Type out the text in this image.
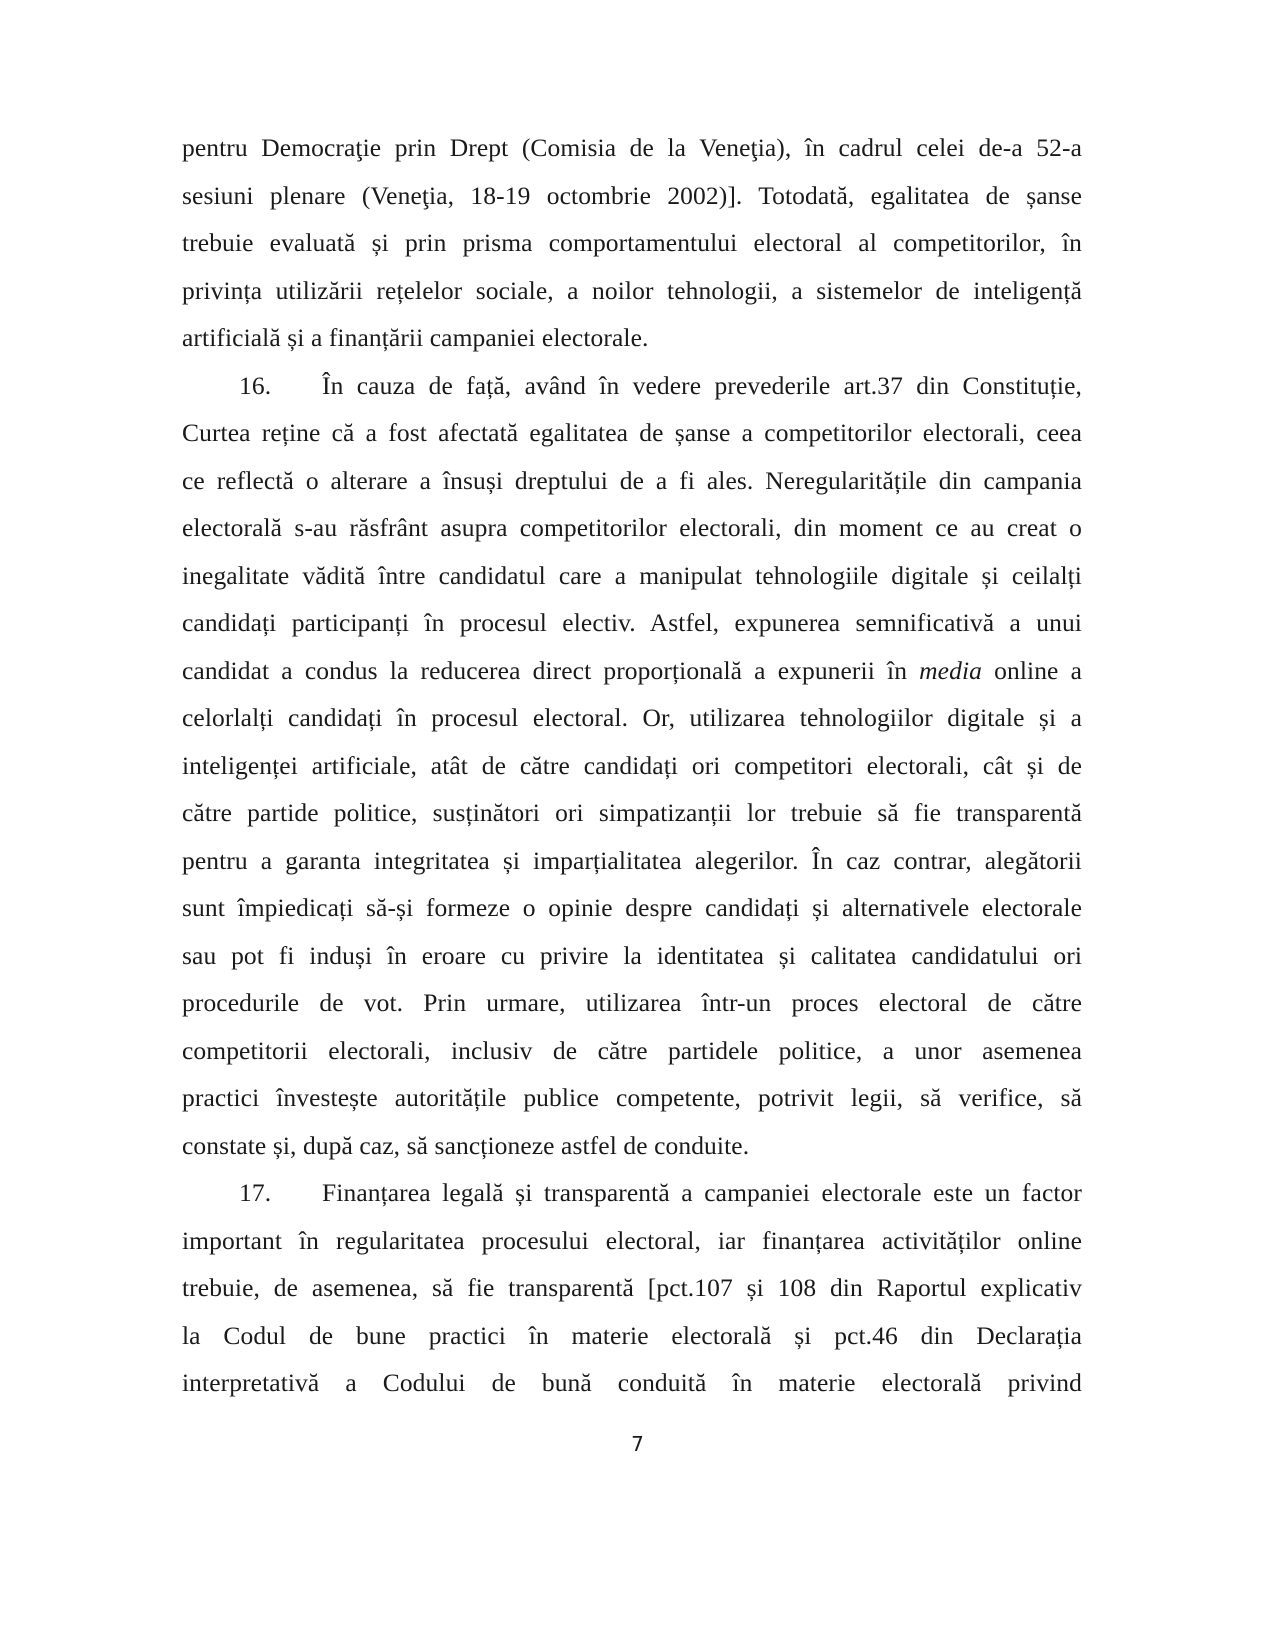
pentru Democraţie prin Drept (Comisia de la Veneţia), în cadrul celei de-a 52-a
sesiuni plenare (Veneţia, 18-19 octombrie 2002)]. Totodată, egalitatea de șanse
trebuie evaluată și prin prisma comportamentului electoral al competitorilor, în
privința utilizării rețelelor sociale, a noilor tehnologii, a sistemelor de inteligență
artificială și a finanțării campaniei electorale.
16.	În cauza de față, având în vedere prevederile art.37 din Constituție,
Curtea reține că a fost afectată egalitatea de șanse a competitorilor electorali, ceea
ce reflectă o alterare a însuși dreptului de a fi ales. Neregularitățile din campania
electorală s-au răsfrânt asupra competitorilor electorali, din moment ce au creat o
inegalitate vădită între candidatul care a manipulat tehnologiile digitale și ceilalți
candidați participanți în procesul electiv. Astfel, expunerea semnificativă a unui
candidat a condus la reducerea direct proporțională a expunerii în media online a
celorlalți candidați în procesul electoral. Or, utilizarea tehnologiilor digitale și a
inteligenței artificiale, atât de către candidați ori competitori electorali, cât și de
către partide politice, susținători ori simpatizanții lor trebuie să fie transparentă
pentru a garanta integritatea și imparțialitatea alegerilor. În caz contrar, alegătorii
sunt împiedicați să-și formeze o opinie despre candidați și alternativele electorale
sau pot fi induși în eroare cu privire la identitatea și calitatea candidatului ori
procedurile de vot. Prin urmare, utilizarea într-un proces electoral de către
competitorii electorali, inclusiv de către partidele politice, a unor asemenea
practici învestește autoritățile publice competente, potrivit legii, să verifice, să
constate și, după caz, să sancționeze astfel de conduite.
17.	Finanțarea legală și transparentă a campaniei electorale este un factor
important în regularitatea procesului electoral, iar finanțarea activităților online
trebuie, de asemenea, să fie transparentă [pct.107 și 108 din Raportul explicativ
la Codul de bune practici în materie electorală și pct.46 din Declarația
interpretativă a Codului de bună conduită în materie electorală privind
7
